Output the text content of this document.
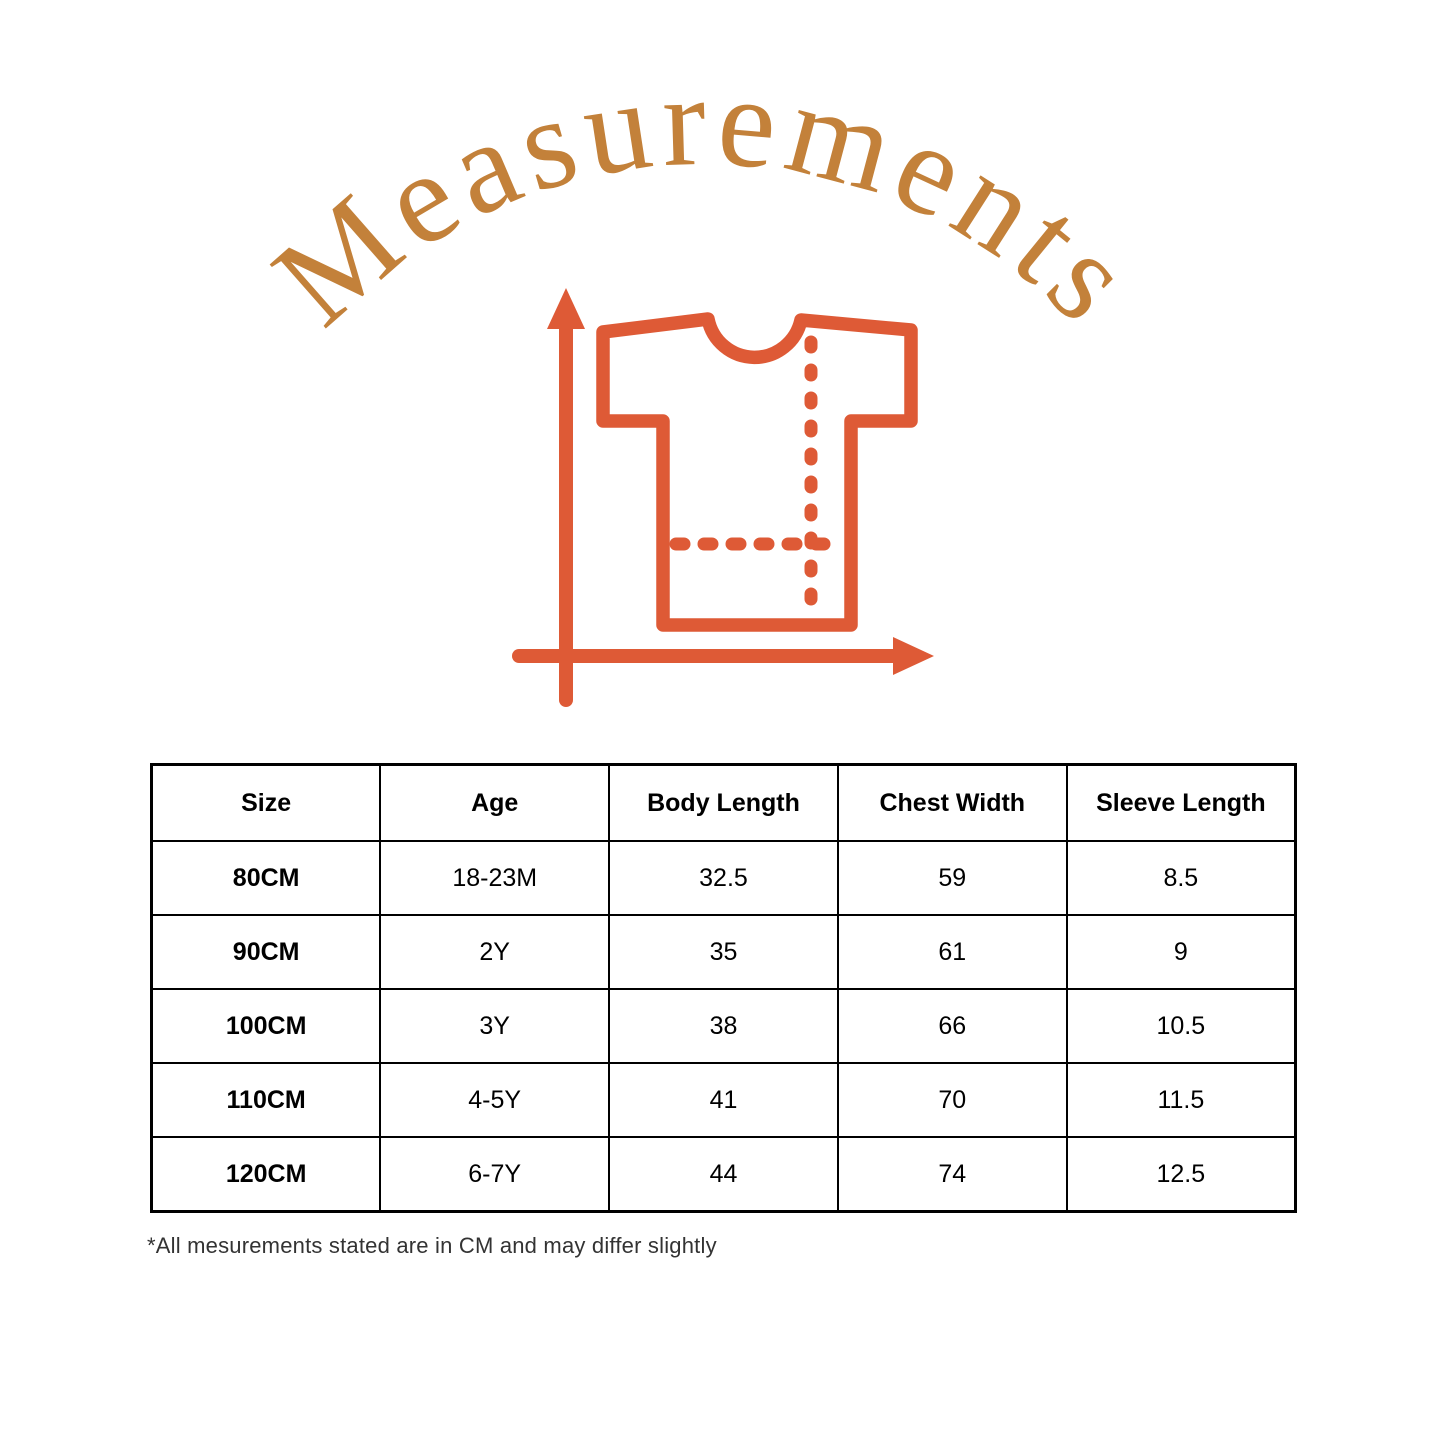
Measurements
Size	Age	Body Length	Chest Width	Sleeve Length
80CM	18-23M	32.5	59	8.5
90CM	2Y	35	61	9
100CM	3Y	38	66	10.5
110CM	4-5Y	41	70	11.5
120CM	6-7Y	44	74	12.5
*All mesurements stated are in CM and may differ slightly
